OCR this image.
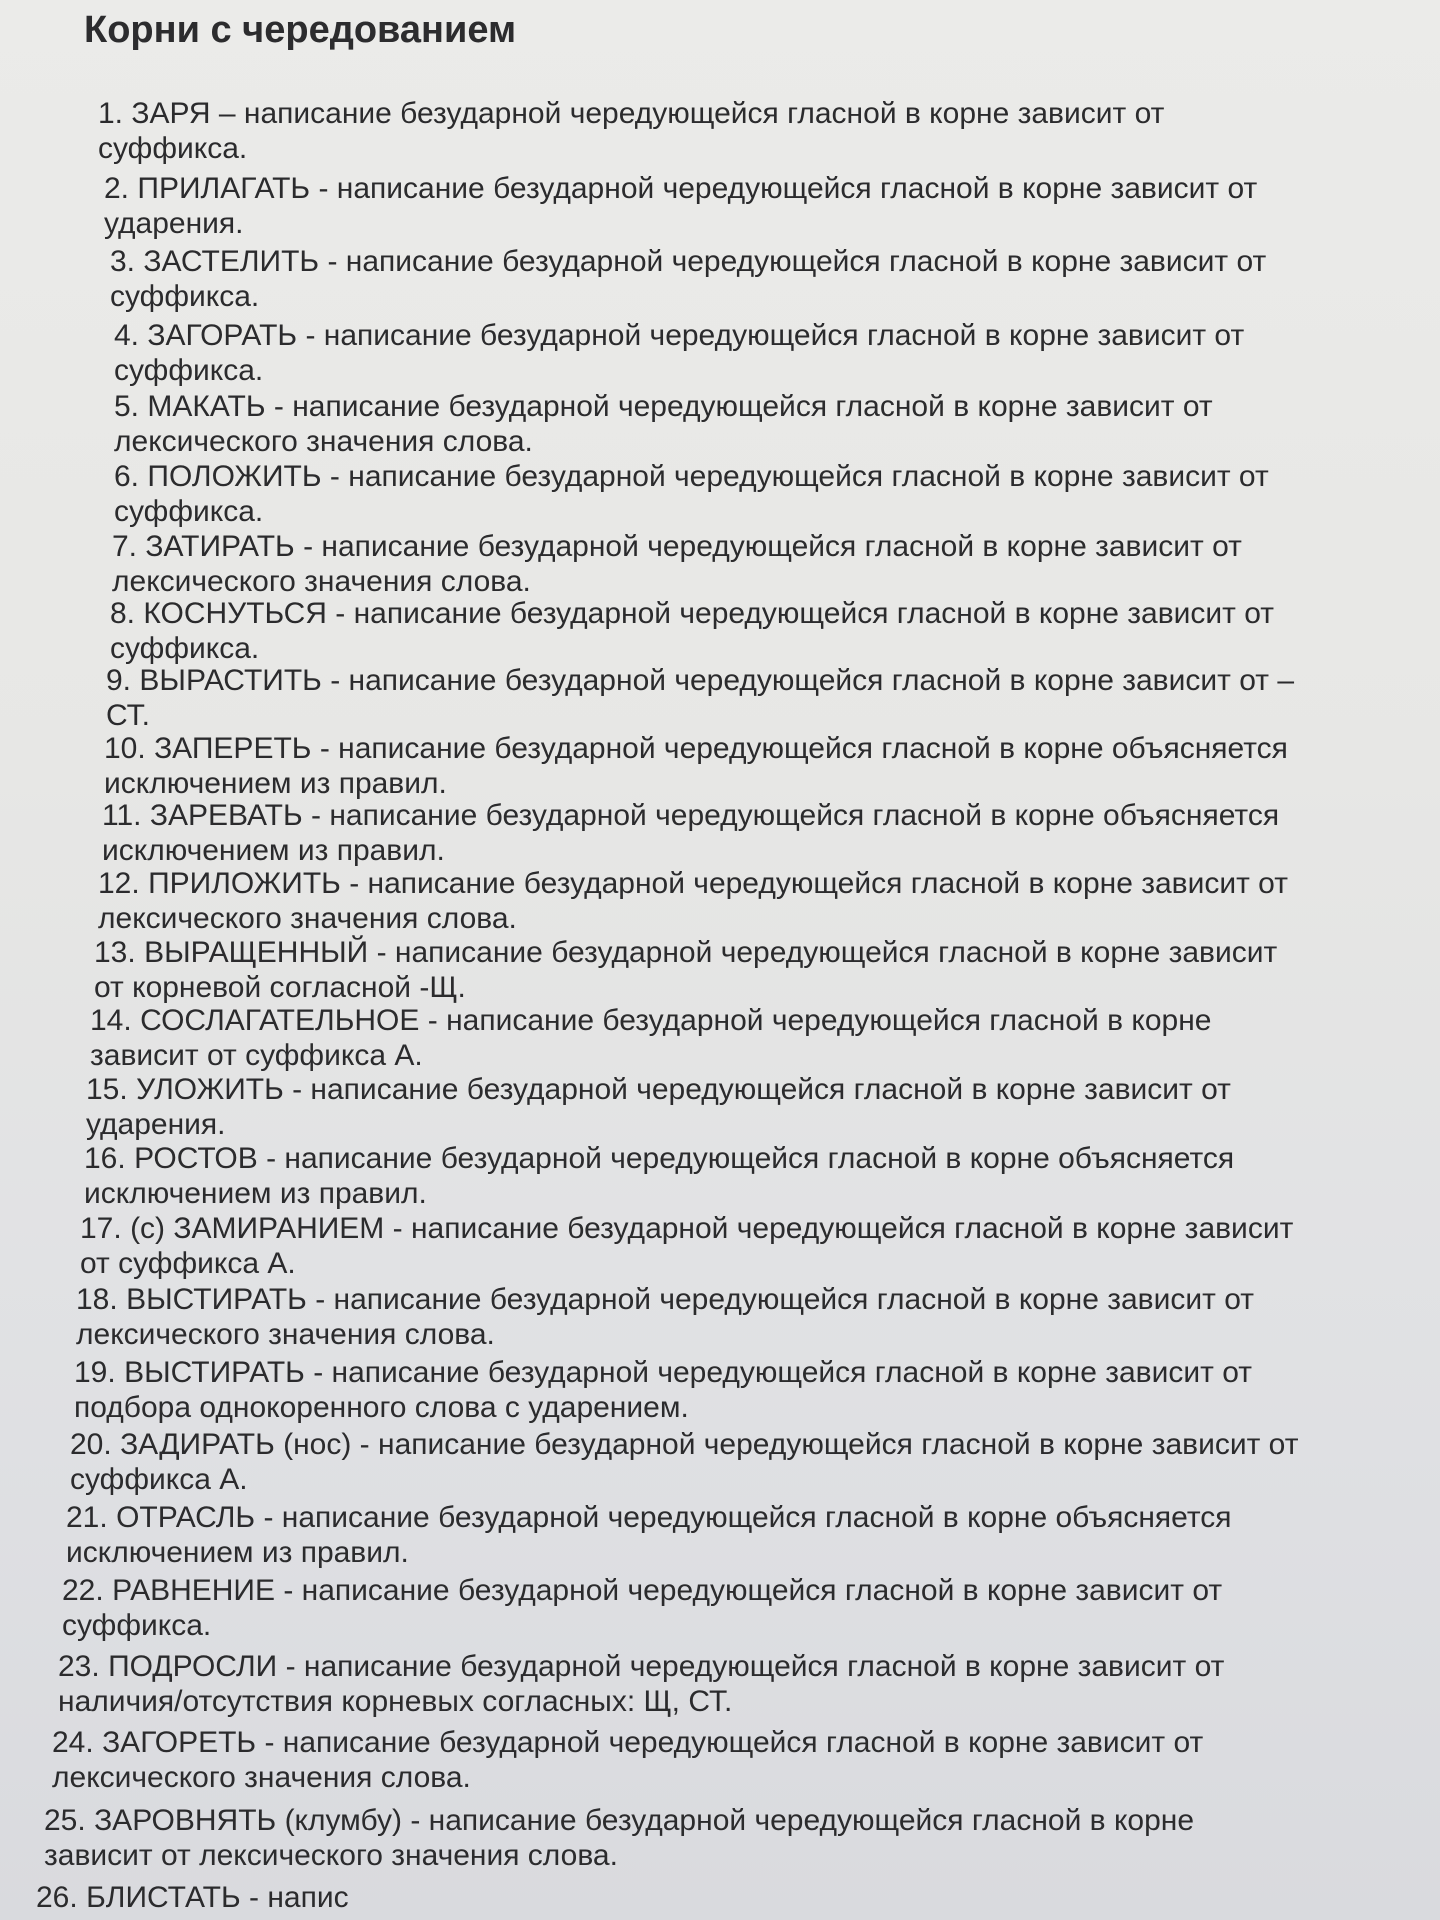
Корни с чередованием
1. ЗАРЯ – написание безударной чередующейся гласной в корне зависит от суффикса.
2. ПРИЛАГАТЬ - написание безударной чередующейся гласной в корне зависит от ударения.
3. ЗАСТЕЛИТЬ - написание безударной чередующейся гласной в корне зависит от суффикса.
4. ЗАГОРАТЬ - написание безударной чередующейся гласной в корне зависит от суффикса.
5. МАКАТЬ - написание безударной чередующейся гласной в корне зависит от лексического значения слова.
6. ПОЛОЖИТЬ - написание безударной чередующейся гласной в корне зависит от суффикса.
7. ЗАТИРАТЬ - написание безударной чередующейся гласной в корне зависит от лексического значения слова.
8. КОСНУТЬСЯ - написание безударной чередующейся гласной в корне зависит от суффикса.
9. ВЫРАСТИТЬ - написание безударной чередующейся гласной в корне зависит от – СТ.
10. ЗАПЕРЕТЬ - написание безударной чередующейся гласной в корне объясняется исключением из правил.
11. ЗАРЕВАТЬ - написание безударной чередующейся гласной в корне объясняется исключением из правил.
12. ПРИЛОЖИТЬ - написание безударной чередующейся гласной в корне зависит от лексического значения слова.
13. ВЫРАЩЕННЫЙ - написание безударной чередующейся гласной в корне зависит от корневой согласной -Щ.
14. СОСЛАГАТЕЛЬНОЕ - написание безударной чередующейся гласной в корне зависит от суффикса А.
15. УЛОЖИТЬ - написание безударной чередующейся гласной в корне зависит от ударения.
16. РОСТОВ - написание безударной чередующейся гласной в корне объясняется исключением из правил.
17. (с) ЗАМИРАНИЕМ - написание безударной чередующейся гласной в корне зависит от суффикса А.
18. ВЫСТИРАТЬ - написание безударной чередующейся гласной в корне зависит от лексического значения слова.
19. ВЫСТИРАТЬ - написание безударной чередующейся гласной в корне зависит от подбора однокоренного слова с ударением.
20. ЗАДИРАТЬ (нос) - написание безударной чередующейся гласной в корне зависит от суффикса А.
21. ОТРАСЛЬ - написание безударной чередующейся гласной в корне объясняется исключением из правил.
22. РАВНЕНИЕ - написание безударной чередующейся гласной в корне зависит от суффикса.
23. ПОДРОСЛИ - написание безударной чередующейся гласной в корне зависит от наличия/отсутствия корневых согласных: Щ, СТ.
24. ЗАГОРЕТЬ - написание безударной чередующейся гласной в корне зависит от лексического значения слова.
25. ЗАРОВНЯТЬ (клумбу) - написание безударной чередующейся гласной в корне зависит от лексического значения слова.
26. БЛИСТАТЬ - напис
